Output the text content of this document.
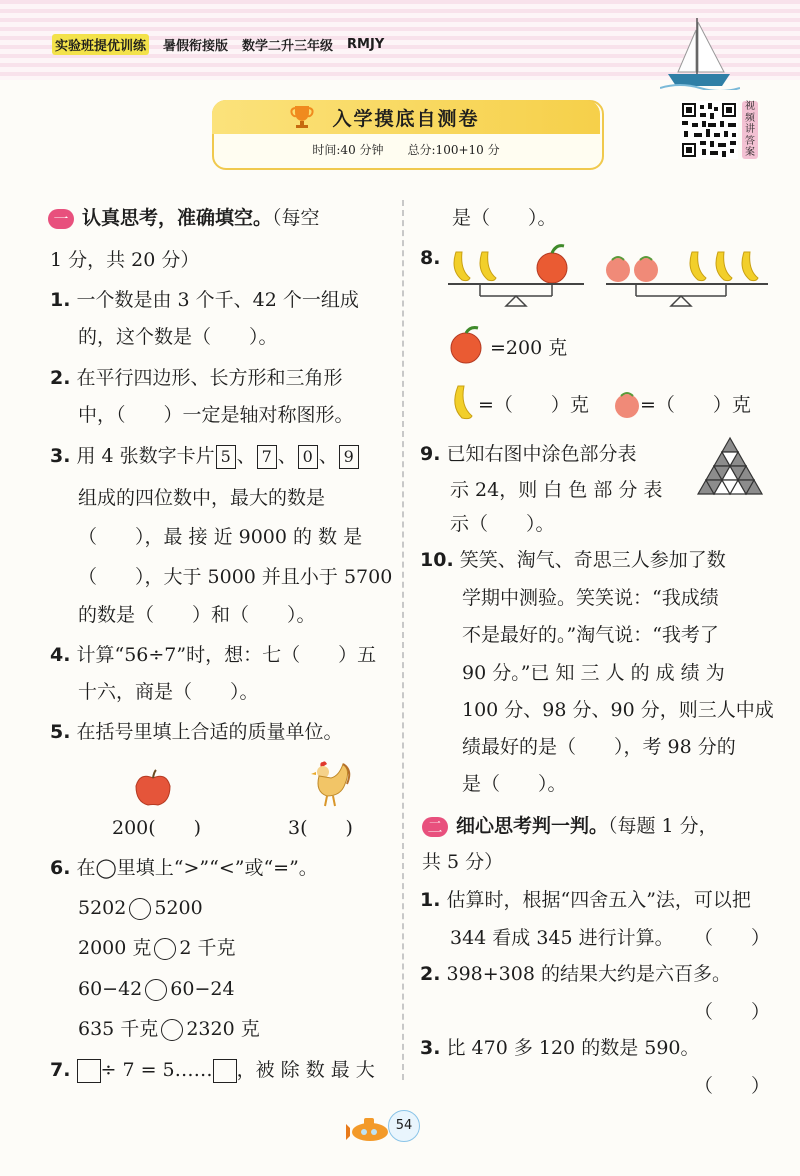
实验班提优训练 暑假衔接版 数学二升三年级 RMJY
入学摸底自测卷
时间:40 分钟　　总分:100+10 分
视频讲答案
一 认真思考，准确填空。（每空
1 分，共 20 分）
1. 一个数是由 3 个千、42 个一组成
的，这个数是（　　）。
2. 在平行四边形、长方形和三角形
中，（　　）一定是轴对称图形。
3. 用 4 张数字卡片 5 、 7 、 0 、 9
组成的四位数中，最大的数是
（　　），最 接 近 9000 的 数 是
（　　），大于 5000 并且小于 5700
的数是（　　）和（　　）。
4. 计算“56÷7”时，想：七（　　）五
十六，商是（　　）。
5. 在括号里填上合适的质量单位。
200(　　)	3(　　)
6. 在◯里填上“>”“<”或“=”。
5202 5200
2000 克 2 千克
60−42 60−24
635 千克 2320 克
7. ÷ 7 = 5…… ，被 除 数 最 大
是（　　）。
8.
=200 克
=（　　）克	=（　　）克
9. 已知右图中涂色部分表
示 24，则 白 色 部 分 表
示（　　）。
10. 笑笑、淘气、奇思三人参加了数
学期中测验。笑笑说：“我成绩
不是最好的。”淘气说：“我考了
90 分。”已 知 三 人 的 成 绩 为
100 分、98 分、90 分，则三人中成
绩最好的是（　　），考 98 分的
是（　　）。
二 细心思考判一判。（每题 1 分，
共 5 分）
1. 估算时，根据“四舍五入”法，可以把
344 看成 345 进行计算。 （　　）
2. 398+308 的结果大约是六百多。
（　　）
3. 比 470 多 120 的数是 590。
（　　）
54
